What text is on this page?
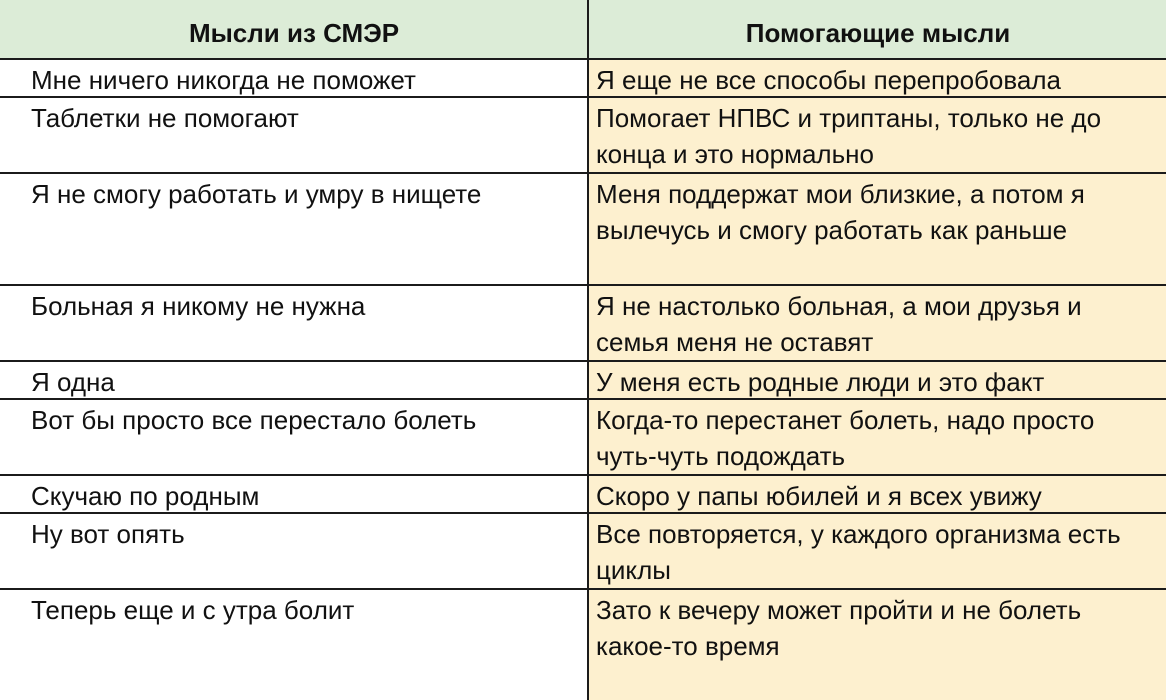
Мысли из СМЭР	Помогающие мысли
Мне ничего никогда не поможет	Я еще не все способы перепробовала
Таблетки не помогают	Помогает НПВС и триптаны, только не до конца и это нормально
Я не смогу работать и умру в нищете	Меня поддержат мои близкие, а потом я вылечусь и смогу работать как раньше
Больная я никому не нужна	Я не настолько больная, а мои друзья и семья меня не оставят
Я одна	У меня есть родные люди и это факт
Вот бы просто все перестало болеть	Когда-то перестанет болеть, надо просто чуть-чуть подождать
Скучаю по родным	Скоро у папы юбилей и я всех увижу
Ну вот опять	Все повторяется, у каждого организма есть циклы
Теперь еще и с утра болит	Зато к вечеру может пройти и не болеть какое-то время
